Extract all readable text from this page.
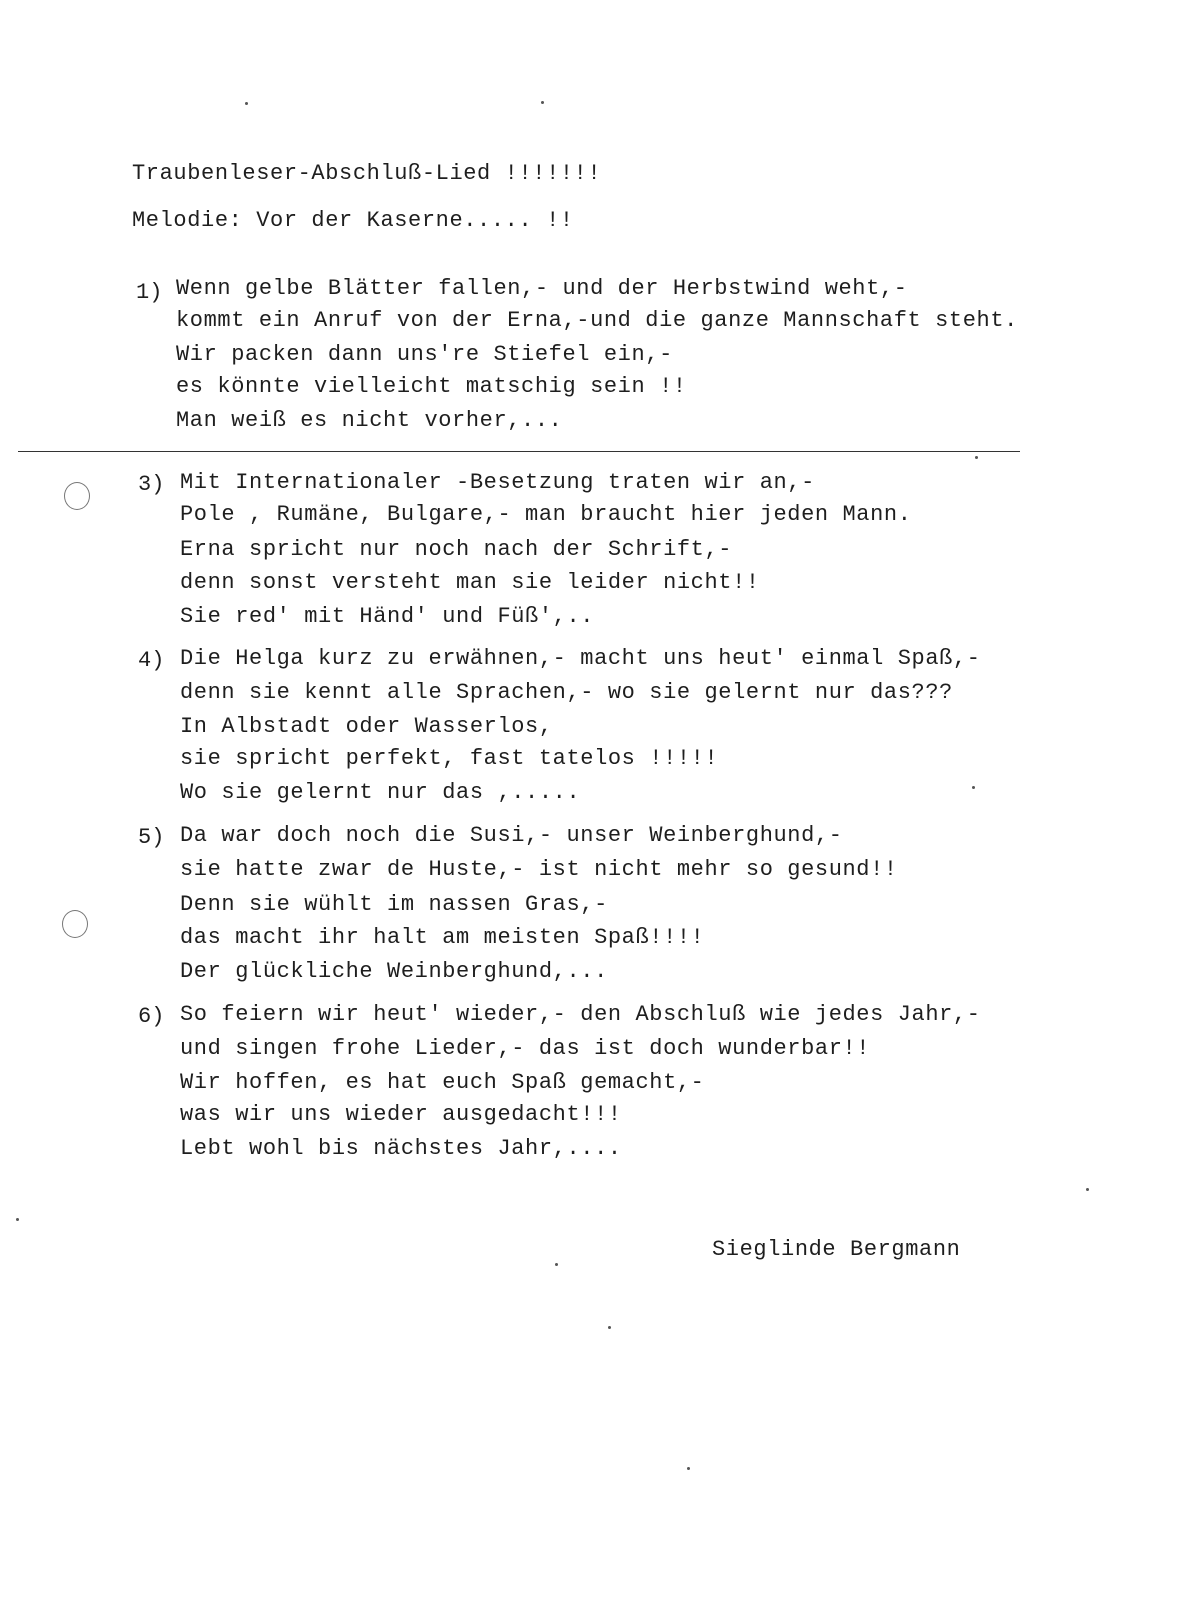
Traubenleser-Abschluß-Lied !!!!!!!
Melodie: Vor der Kaserne..... !!
1) Wenn gelbe Blätter fallen,- und der Herbstwind weht,-
kommt ein Anruf von der Erna,-und die ganze Mannschaft steht.
Wir packen dann uns're Stiefel ein,-
es könnte vielleicht matschig sein !!
Man weiß es nicht vorher,...
3) Mit Internationaler -Besetzung traten wir an,-
Pole , Rumäne, Bulgare,- man braucht hier jeden Mann.
Erna spricht nur noch nach der Schrift,-
denn sonst versteht man sie leider nicht!!
Sie red' mit Händ' und Füß',..
4) Die Helga kurz zu erwähnen,- macht uns heut' einmal Spaß,-
denn sie kennt alle Sprachen,- wo sie gelernt nur das???
In Albstadt oder Wasserlos,
sie spricht perfekt, fast tatelos !!!!!
Wo sie gelernt nur das ,.....
5) Da war doch noch die Susi,- unser Weinberghund,-
sie hatte zwar de Huste,- ist nicht mehr so gesund!!
Denn sie wühlt im nassen Gras,-
das macht ihr halt am meisten Spaß!!!!
Der glückliche Weinberghund,...
6) So feiern wir heut' wieder,- den Abschluß wie jedes Jahr,-
und singen frohe Lieder,- das ist doch wunderbar!!
Wir hoffen, es hat euch Spaß gemacht,-
was wir uns wieder ausgedacht!!!
Lebt wohl bis nächstes Jahr,....
Sieglinde Bergmann
